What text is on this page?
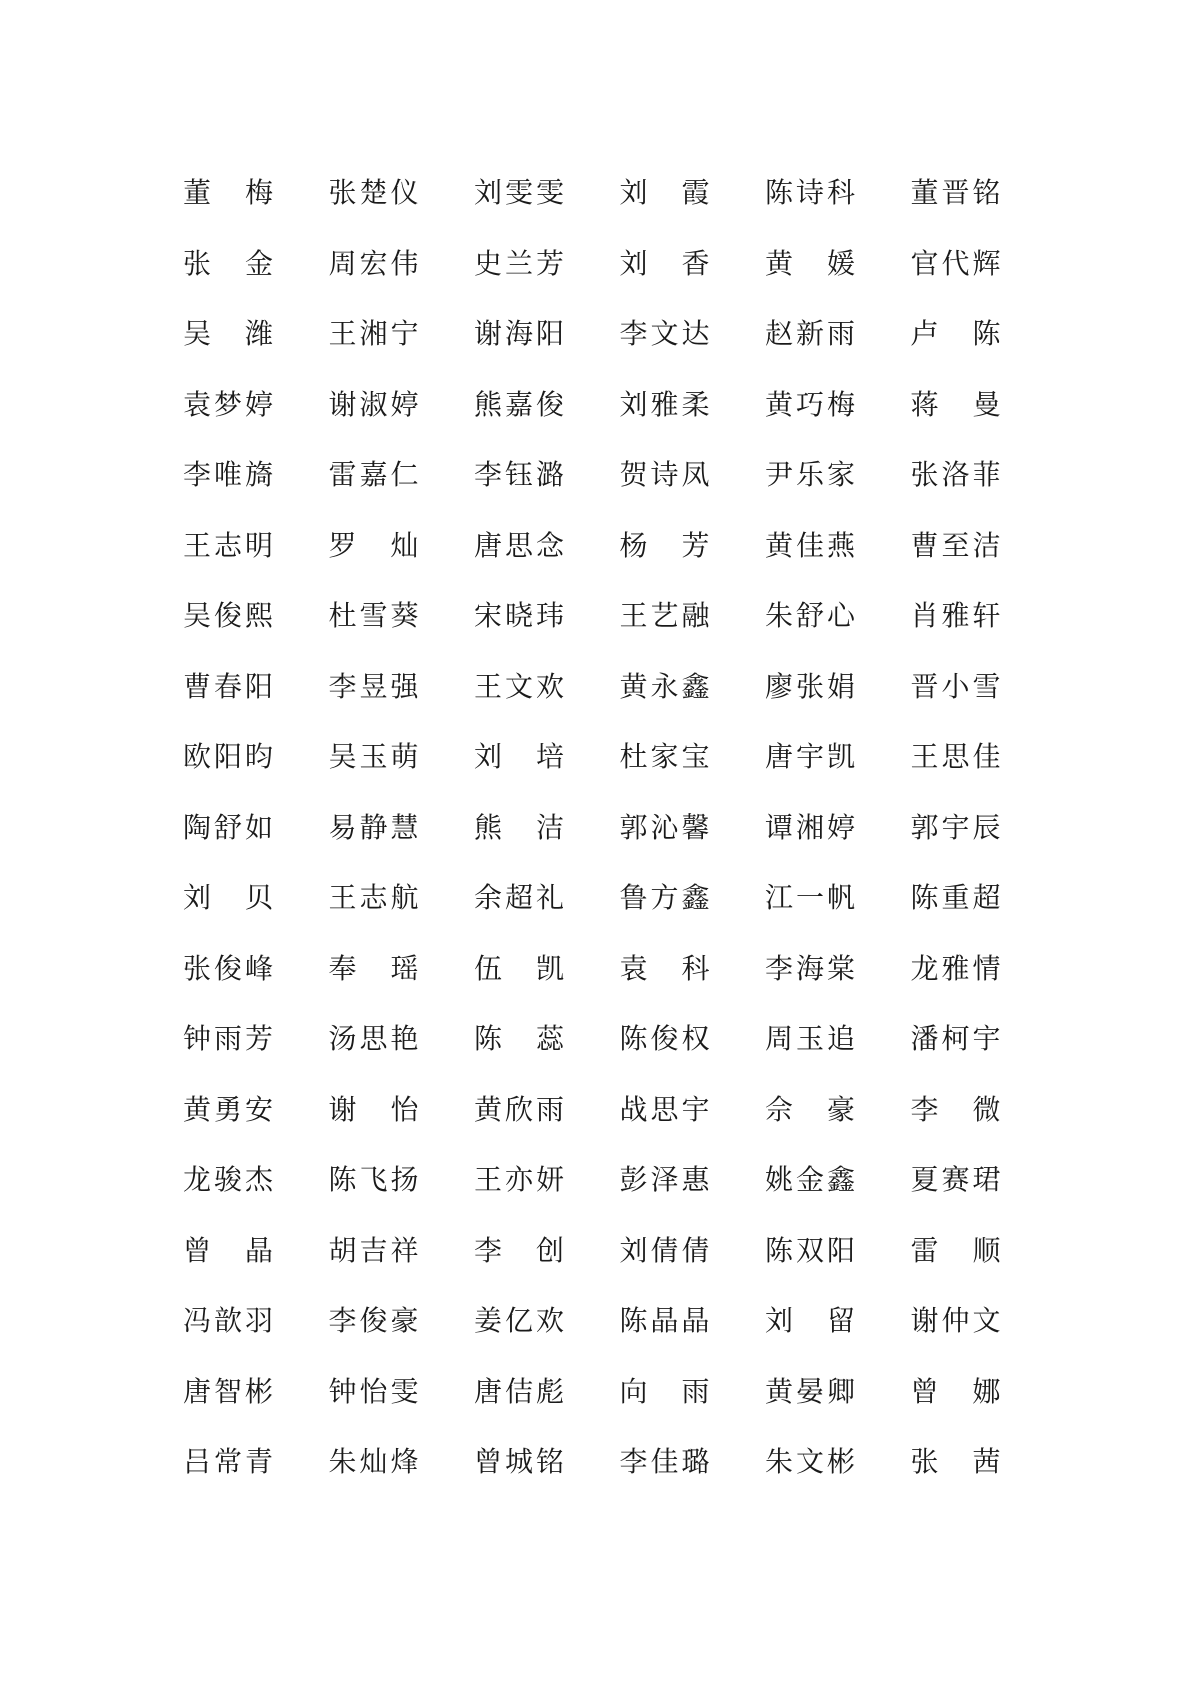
董 梅 张 楚 仪 刘 雯 雯 刘 霞 陈 诗 科 董 晋 铭
张 金 周 宏 伟 史 兰 芳 刘 香 黄 媛 官 代 辉
吴 潍 王 湘 宁 谢 海 阳 李 文 达 赵 新 雨 卢 陈
袁 梦 婷 谢 淑 婷 熊 嘉 俊 刘 雅 柔 黄 巧 梅 蒋 曼
李 唯 旖 雷 嘉 仁 李 钰 潞 贺 诗 凤 尹 乐 家 张 洛 菲
王 志 明 罗 灿 唐 思 念 杨 芳 黄 佳 燕 曹 至 洁
吴 俊 熙 杜 雪 葵 宋 晓 玮 王 艺 融 朱 舒 心 肖 雅 轩
曹 春 阳 李 昱 强 王 文 欢 黄 永 鑫 廖 张 娟 晋 小 雪
欧 阳 昀 吴 玉 萌 刘 培 杜 家 宝 唐 宇 凯 王 思 佳
陶 舒 如 易 静 慧 熊 洁 郭 沁 馨 谭 湘 婷 郭 宇 辰
刘 贝 王 志 航 余 超 礼 鲁 方 鑫 江 一 帆 陈 重 超
张 俊 峰 奉 瑶 伍 凯 袁 科 李 海 棠 龙 雅 情
钟 雨 芳 汤 思 艳 陈 蕊 陈 俊 权 周 玉 追 潘 柯 宇
黄 勇 安 谢 怡 黄 欣 雨 战 思 宇 佘 豪 李 微
龙 骏 杰 陈 飞 扬 王 亦 妍 彭 泽 惠 姚 金 鑫 夏 赛 珺
曾 晶 胡 吉 祥 李 创 刘 倩 倩 陈 双 阳 雷 顺
冯 歆 羽 李 俊 豪 姜 亿 欢 陈 晶 晶 刘 留 谢 仲 文
唐 智 彬 钟 怡 雯 唐 佶 彪 向 雨 黄 晏 卿 曾 娜
吕 常 青 朱 灿 烽 曾 城 铭 李 佳 璐 朱 文 彬 张 茜
